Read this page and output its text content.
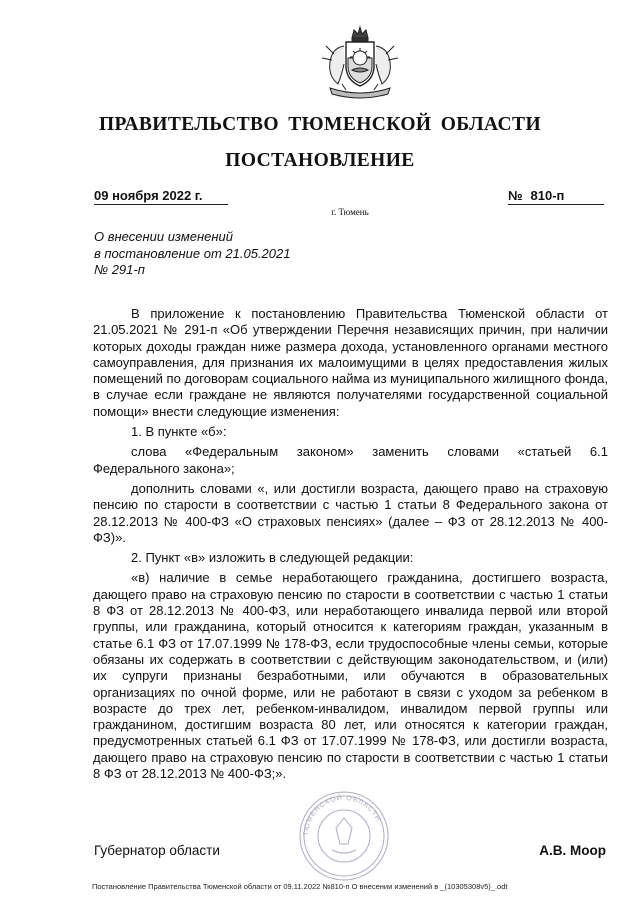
ПРАВИТЕЛЬСТВО ТЮМЕНСКОЙ ОБЛАСТИ
ПОСТАНОВЛЕНИЕ
09 ноября 2022 г.	№ 810-п
г. Тюмень
О внесении изменений
в постановление от 21.05.2021
№ 291-п

В приложение к постановлению Правительства Тюменской области от 21.05.2021 № 291-п «Об утверждении Перечня независящих причин, при наличии которых доходы граждан ниже размера дохода, установленного органами местного самоуправления, для признания их малоимущими в целях предоставления жилых помещений по договорам социального найма из муниципального жилищного фонда, в случае если граждане не являются получателями государственной социальной помощи» внести следующие изменения:

1. В пункте «б»:

слова «Федеральным законом» заменить словами «статьей 6.1 Федерального закона»;

дополнить словами «, или достигли возраста, дающего право на страховую пенсию по старости в соответствии с частью 1 статьи 8 Федерального закона от 28.12.2013 № 400-ФЗ «О страховых пенсиях» (далее – ФЗ от 28.12.2013 № 400-ФЗ)».

2. Пункт «в» изложить в следующей редакции:

«в) наличие в семье неработающего гражданина, достигшего возраста, дающего право на страховую пенсию по старости в соответствии с частью 1 статьи 8 ФЗ от 28.12.2013 № 400-ФЗ, или неработающего инвалида первой или второй группы, или гражданина, который относится к категориям граждан, указанным в статье 6.1 ФЗ от 17.07.1999 № 178-ФЗ, если трудоспособные члены семьи, которые обязаны их содержать в соответствии с действующим законодательством, и (или) их супруги признаны безработными, или обучаются в образовательных организациях по очной форме, или не работают в связи с уходом за ребенком в возрасте до трех лет, ребенком-инвалидом, инвалидом первой группы или гражданином, достигшим возраста 80 лет, или относятся к категории граждан, предусмотренных статьей 6.1 ФЗ от 17.07.1999 № 178-ФЗ, или достигли возраста, дающего право на страховую пенсию по старости в соответствии с частью 1 статьи 8 ФЗ от 28.12.2013 № 400-ФЗ;».

ТЮМЕНСКОЙ ОБЛАСТИ
Губернатор области	А.В. Моор
Постановление Правительства Тюменской области от 09.11.2022 №810-п О внесении изменений в _(10305308v5)_.odt
